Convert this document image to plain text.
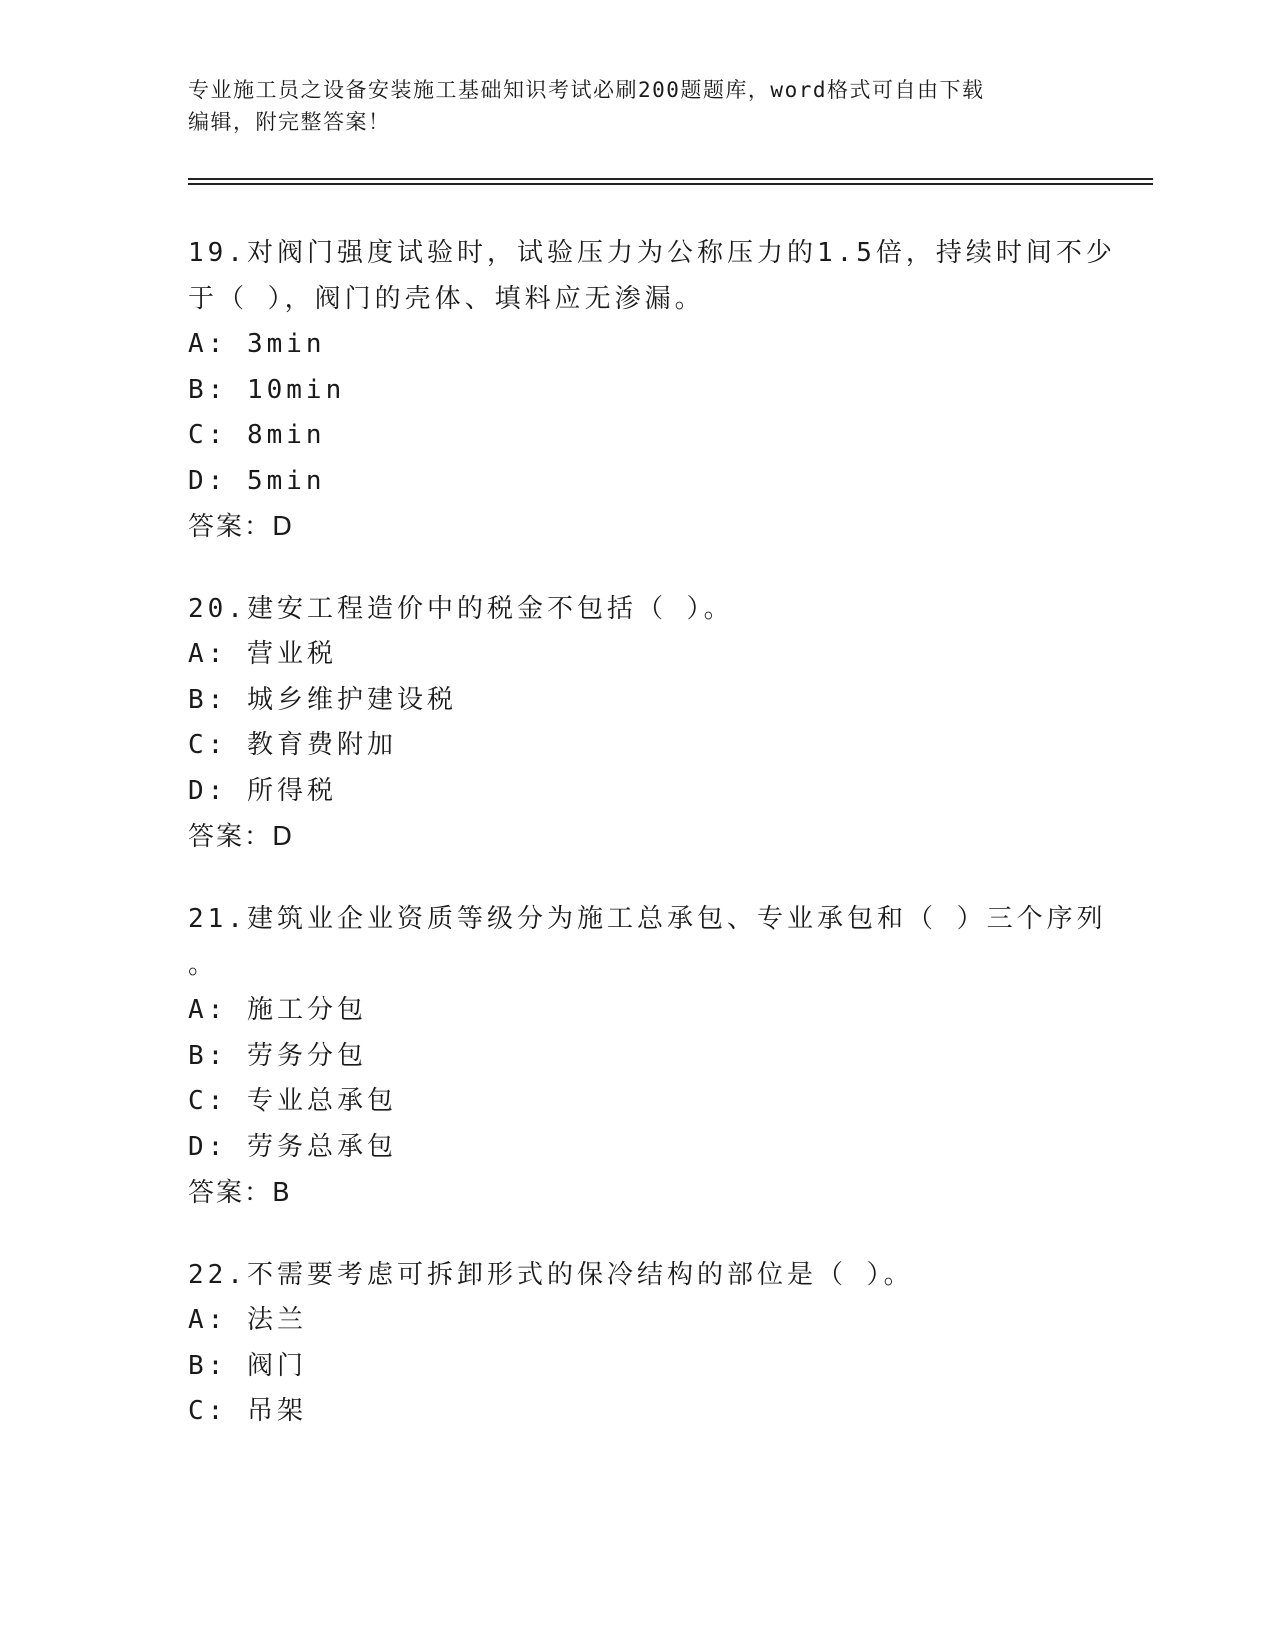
专业施工员之设备安装施工基础知识考试必刷200题题库，word格式可自由下载
编辑，附完整答案！
19.对阀门强度试验时，试验压力为公称压力的1.5倍，持续时间不少
于（ ），阀门的壳体、填料应无渗漏。
A: 3min
B: 10min
C: 8min
D: 5min
答案：D
20.建安工程造价中的税金不包括（ ）。
A: 营业税
B: 城乡维护建设税
C: 教育费附加
D: 所得税
答案：D
21.建筑业企业资质等级分为施工总承包、专业承包和（ ）三个序列
。
A: 施工分包
B: 劳务分包
C: 专业总承包
D: 劳务总承包
答案：B
22.不需要考虑可拆卸形式的保冷结构的部位是（ ）。
A: 法兰
B: 阀门
C: 吊架
